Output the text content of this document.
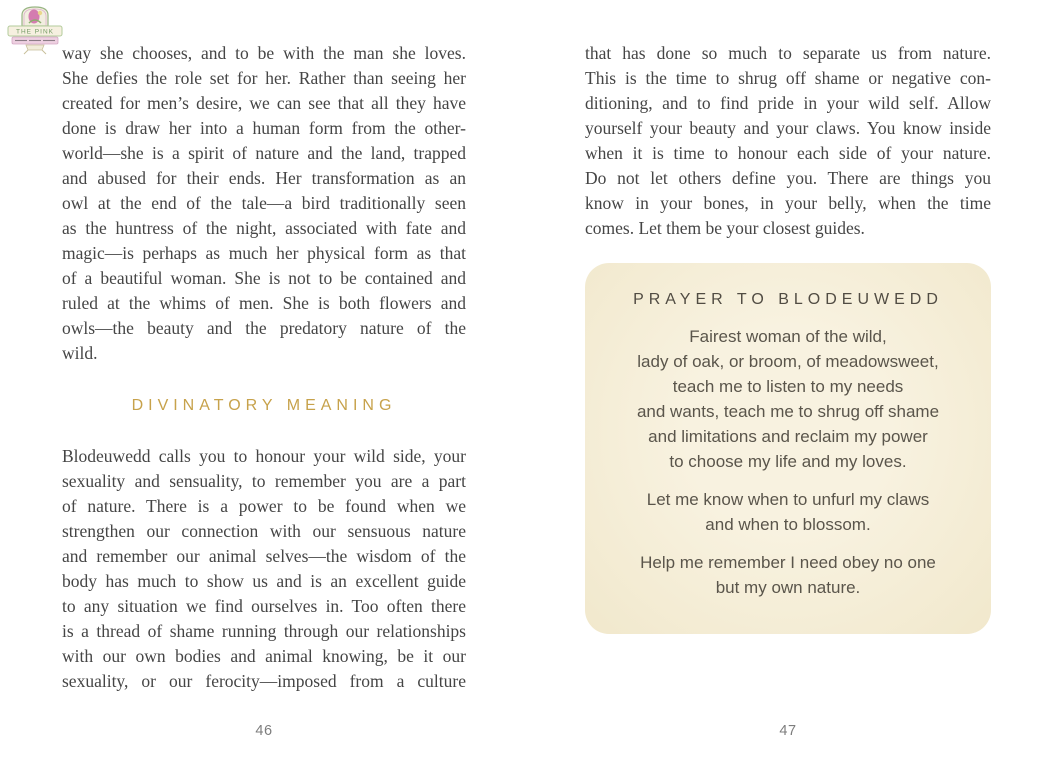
THE PINK
way she chooses, and to be with the man she loves.
She defies the role set for her. Rather than seeing her
created for men’s desire, we can see that all they have
done is draw her into a human form from the other-
world—she is a spirit of nature and the land, trapped
and abused for their ends. Her transformation as an
owl at the end of the tale—a bird traditionally seen
as the huntress of the night, associated with fate and
magic—is perhaps as much her physical form as that
of a beautiful woman. She is not to be contained and
ruled at the whims of men. She is both flowers and
owls—the beauty and the predatory nature of the
wild.
DIVINATORY MEANING
Blodeuwedd calls you to honour your wild side, your
sexuality and sensuality, to remember you are a part
of nature. There is a power to be found when we
strengthen our connection with our sensuous nature
and remember our animal selves—the wisdom of the
body has much to show us and is an excellent guide
to any situation we find ourselves in. Too often there
is a thread of shame running through our relationships
with our own bodies and animal knowing, be it our
sexuality, or our ferocity—imposed from a culture
that has done so much to separate us from nature.
This is the time to shrug off shame or negative con-
ditioning, and to find pride in your wild self. Allow
yourself your beauty and your claws. You know inside
when it is time to honour each side of your nature.
Do not let others define you. There are things you
know in your bones, in your belly, when the time
comes. Let them be your closest guides.
PRAYER TO BLODEUWEDD
Fairest woman of the wild,
lady of oak, or broom, of meadowsweet,
teach me to listen to my needs
and wants, teach me to shrug off shame
and limitations and reclaim my power
to choose my life and my loves.
Let me know when to unfurl my claws
and when to blossom.
Help me remember I need obey no one
but my own nature.
46	47
